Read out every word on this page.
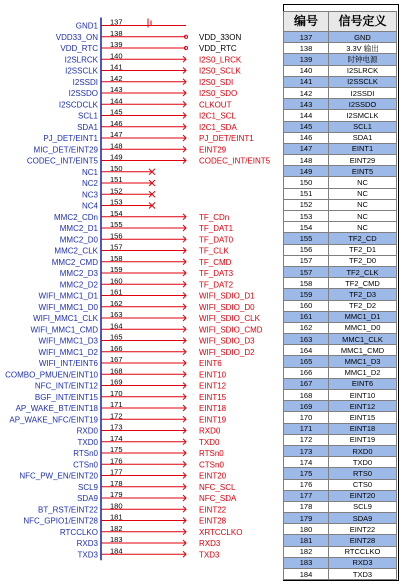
GND1 137
VDD33_ON 138	VDD_33ON
VDD_RTC 139	VDD_RTC
I2SLRCK 140	I2S0_LRCK
I2SSCLK 141	I2S0_SCLK
I2SSDI 142	I2S0_SDI
I2SSDO 143	I2S0_SDO
I2SCDCLK 144	CLKOUT
SCL1 145	I2C1_SCL
SDA1 146	I2C1_SDA
PJ_DET/EINT1 147	PJ_DET/EINT1
MIC_DET/EINT29 148	EINT29
CODEC_INT/EINT5 149	CODEC_INT/EINT5
NC1 150
NC2 151
NC3 152
NC4 153
MMC2_CDn 154	TF_CDn
MMC2_D1 155	TF_DAT1
MMC2_D0 156	TF_DAT0
MMC2_CLK 157	TF_CLK
MMC2_CMD 158	TF_CMD
MMC2_D3 159	TF_DAT3
MMC2_D2 160	TF_DAT2
WIFI_MMC1_D1 161	WIFI_SDIO_D1
WIFI_MMC1_D0 162	WIFI_SDIO_D0
WIFI_MMC1_CLK 163	WIFI_SDIO_CLK
WIFI_MMC1_CMD 164	WIFI_SDIO_CMD
WIFI_MMC1_D3 165	WIFI_SDIO_D3
WIFI_MMC1_D2 166	WIFI_SDIO_D2
WIFI_INT/EINT6 167	EINT6
COMBO_PMUEN/EINT10 168	EINT10
NFC_INT/EINT12 169	EINT12
BGF_INT/EINT15 170	EINT15
AP_WAKE_BT/EINT18 171	EINT18
AP_WAKE_NFC/EINT19 172	EINT19
RXD0 173	RXD0
TXD0 174	TXD0
RTSn0 175	RTSn0
CTSn0 176	CTSn0
NFC_PW_EN/EINT20 177	EINT20
SCL9 178	NFC_SCL
SDA9 179	NFC_SDA
BT_RST/EINT22 180	EINT22
NFC_GPIO1/EINT28 181	EINT28
RTCCLKO 182	XRTCCLKO
RXD3 183	RXD3
TXD3 184	TXD3
编号	信号定义
137	GND
138	3.3V 输出
139	时钟电源
140	I2SLRCK
141	I2SSCLK
142	I2SSDI
143	I2SSDO
144	I2SMCLK
145	SCL1
146	SDA1
147	EINT1
148	EINT29
149	EINT5
150	NC
151	NC
152	NC
153	NC
154	NC
155	TF2_CD
156	TF2_D1
157	TF2_D0
157	TF2_CLK
158	TF2_CMD
159	TF2_D3
160	TF2_D2
161	MMC1_D1
162	MMC1_D0
163	MMC1_CLK
164	MMC1_CMD
165	MMC1_D3
166	MMC1_D2
167	EINT6
168	EINT10
169	EINT12
170	EINT15
171	EINT18
172	EINT19
173	RXD0
174	TXD0
175	RTS0
176	CTS0
177	EINT20
178	SCL9
179	SDA9
180	EINT22
181	EINT28
182	RTCCLKO
183	RXD3
184	TXD3
